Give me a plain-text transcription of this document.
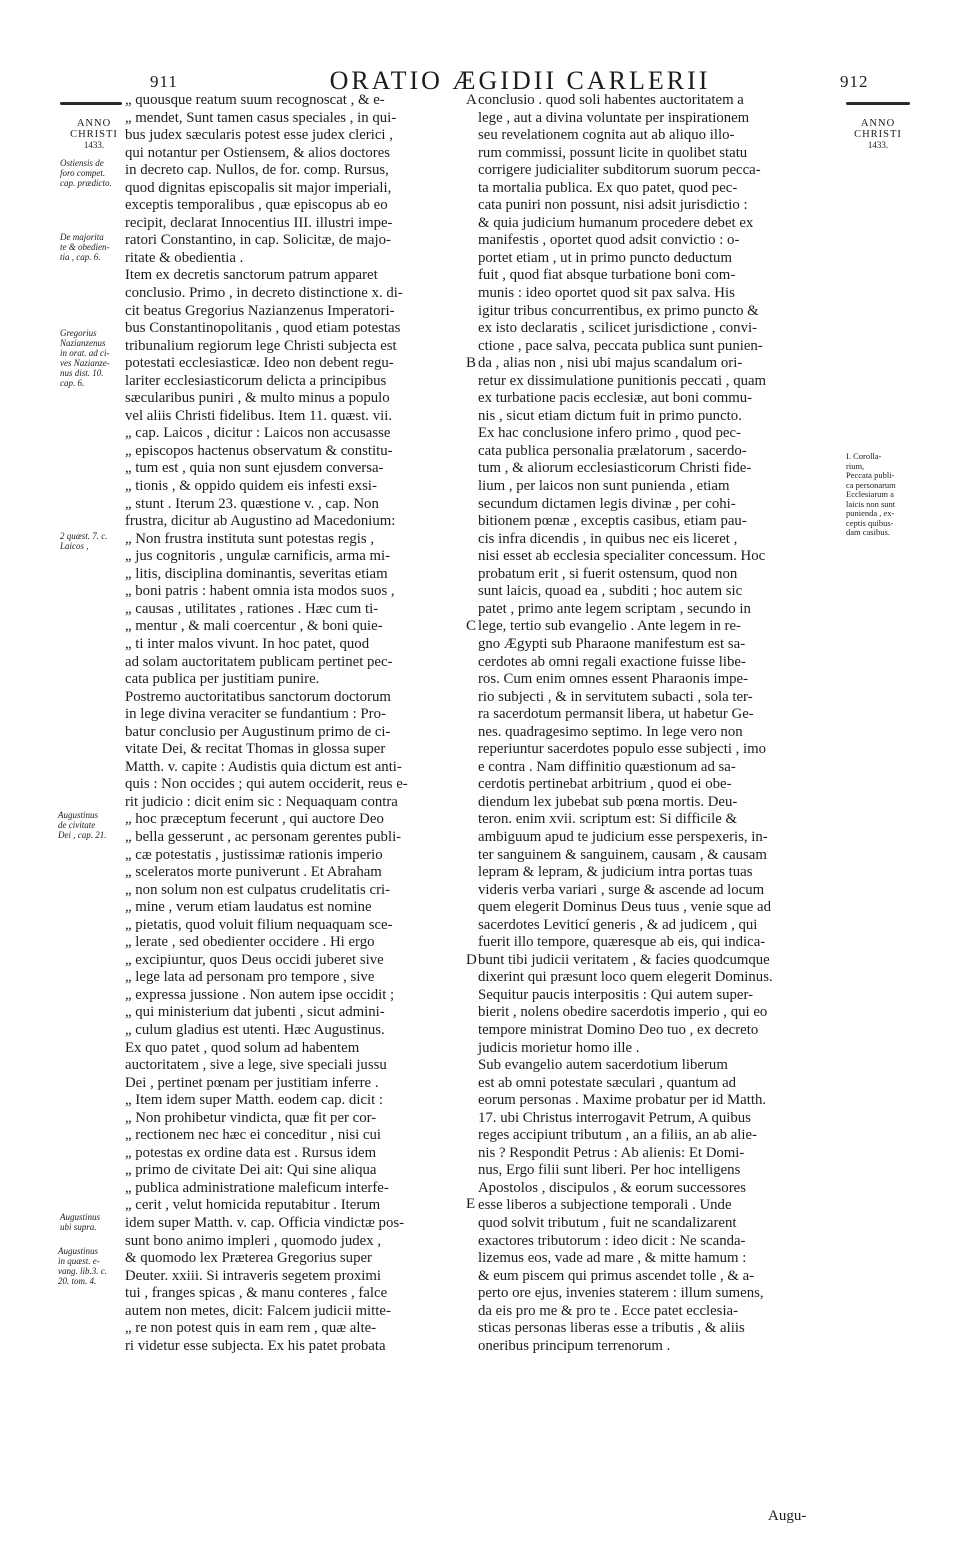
911	ORATIO ÆGIDII CARLERII	912
ANNO
CHRISTI
1433.
ANNO
CHRISTI
1433.
Ostiensis de
foro compet.
cap. prædicto.
De majorita
te & obedien-
tia , cap. 6.
Gregorius
Nazianzenus
in orat. ad ci-
ves Nazianze-
nus dist. 10.
cap. 6.
2 quæst. 7. c.
Laicos ,
Augustinus
de civitate
Dei , cap. 21.
Augustinus
ubi supra.
Augustinus
in quæst. e-
vang. lib.3. c.
20. tom. 4.
I. Corolla-
rium,
Peccata publi-
ca personarum
Ecclesiarum a
laicis non sunt
punienda , ex-
ceptis quibus-
dam casibus.
A
B
C
D
E
„ quousque reatum suum recognoscat , & e-
„ mendet, Sunt tamen casus speciales , in qui-
bus judex sæcularis potest esse judex clerici ,
qui notantur per Ostiensem, & alios doctores
in decreto cap. Nullos, de for. comp. Rursus,
quod dignitas episcopalis sit major imperiali,
exceptis temporalibus , quæ episcopus ab eo
recipit, declarat Innocentius III. illustri impe-
ratori Constantino, in cap. Solicitæ, de majo-
ritate & obedientia .
Item ex decretis sanctorum patrum apparet
conclusio. Primo , in decreto distinctione x. di-
cit beatus Gregorius Nazianzenus Imperatori-
bus Constantinopolitanis , quod etiam potestas
tribunalium regiorum lege Christi subjecta est
potestati ecclesiasticæ. Ideo non debent regu-
lariter ecclesiasticorum delicta a principibus
sæcularibus puniri , & multo minus a populo
vel aliis Christi fidelibus. Item 11. quæst. vii.
„ cap. Laicos , dicitur : Laicos non accusasse
„ episcopos hactenus observatum & constitu-
„ tum est , quia non sunt ejusdem conversa-
„ tionis , & oppido quidem eis infesti exsi-
„ stunt . Iterum 23. quæstione v. , cap. Non
frustra, dicitur ab Augustino ad Macedonium:
„ Non frustra instituta sunt potestas regis ,
„ jus cognitoris , ungulæ carnificis, arma mi-
„ litis, disciplina dominantis, severitas etiam
„ boni patris : habent omnia ista modos suos ,
„ causas , utilitates , rationes . Hæc cum ti-
„ mentur , & mali coercentur , & boni quie-
„ ti inter malos vivunt. In hoc patet, quod
ad solam auctoritatem publicam pertinet pec-
cata publica per justitiam punire.
Postremo auctoritatibus sanctorum doctorum
in lege divina veraciter se fundantium : Pro-
batur conclusio per Augustinum primo de ci-
vitate Dei, & recitat Thomas in glossa super
Matth. v. capite : Audistis quia dictum est anti-
quis : Non occides ; qui autem occiderit, reus e-
rit judicio : dicit enim sic : Nequaquam contra
„ hoc præceptum fecerunt , qui auctore Deo
„ bella gesserunt , ac personam gerentes publi-
„ cæ potestatis , justissimæ rationis imperio
„ sceleratos morte puniverunt . Et Abraham
„ non solum non est culpatus crudelitatis cri-
„ mine , verum etiam laudatus est nomine
„ pietatis, quod voluit filium nequaquam sce-
„ lerate , sed obedienter occidere . Hi ergo
„ excipiuntur, quos Deus occidi juberet sive
„ lege lata ad personam pro tempore , sive
„ expressa jussione . Non autem ipse occidit ;
„ qui ministerium dat jubenti , sicut admini-
„ culum gladius est utenti. Hæc Augustinus.
Ex quo patet , quod solum ad habentem
auctoritatem , sive a lege, sive speciali jussu
Dei , pertinet pœnam per justitiam inferre .
„ Item idem super Matth. eodem cap. dicit :
„ Non prohibetur vindicta, quæ fit per cor-
„ rectionem nec hæc ei conceditur , nisi cui
„ potestas ex ordine data est . Rursus idem
„ primo de civitate Dei ait: Qui sine aliqua
„ publica administratione maleficum interfe-
„ cerit , velut homicida reputabitur . Iterum
idem super Matth. v. cap. Officia vindictæ pos-
sunt bono animo impleri , quomodo judex ,
& quomodo lex Præterea Gregorius super
Deuter. xxiii. Si intraveris segetem proximi
tui , franges spicas , & manu conteres , falce
autem non metes, dicit: Falcem judicii mitte-
„ re non potest quis in eam rem , quæ alte-
ri videtur esse subjecta. Ex his patet probata
conclusio . quod soli habentes auctoritatem a
lege , aut a divina voluntate per inspirationem
seu revelationem cognita aut ab aliquo illo-
rum commissi, possunt licite in quolibet statu
corrigere judicialiter subditorum suorum pecca-
ta mortalia publica. Ex quo patet, quod pec-
cata puniri non possunt, nisi adsit jurisdictio :
& quia judicium humanum procedere debet ex
manifestis , oportet quod adsit convictio : o-
portet etiam , ut in primo puncto deductum
fuit , quod fiat absque turbatione boni com-
munis : ideo oportet quod sit pax salva. His
igitur tribus concurrentibus, ex primo puncto &
ex isto declaratis , scilicet jurisdictione , convi-
ctione , pace salva, peccata publica sunt punien-
da , alias non , nisi ubi majus scandalum ori-
retur ex dissimulatione punitionis peccati , quam
ex turbatione pacis ecclesiæ, aut boni commu-
nis , sicut etiam dictum fuit in primo puncto.
Ex hac conclusione infero primo , quod pec-
cata publica personalia prælatorum , sacerdo-
tum , & aliorum ecclesiasticorum Christi fide-
lium , per laicos non sunt punienda , etiam
secundum dictamen legis divinæ , per cohi-
bitionem pœnæ , exceptis casibus, etiam pau-
cis infra dicendis , in quibus nec eis liceret ,
nisi esset ab ecclesia specialiter concessum. Hoc
probatum erit , si fuerit ostensum, quod non
sunt laicis, quoad ea , subditi ; hoc autem sic
patet , primo ante legem scriptam , secundo in
lege, tertio sub evangelio . Ante legem in re-
gno Ægypti sub Pharaone manifestum est sa-
cerdotes ab omni regali exactione fuisse libe-
ros. Cum enim omnes essent Pharaonis impe-
rio subjecti , & in servitutem subacti , sola ter-
ra sacerdotum permansit libera, ut habetur Ge-
nes. quadragesimo septimo. In lege vero non
reperiuntur sacerdotes populo esse subjecti , imo
e contra . Nam diffinitio quæstionum ad sa-
cerdotis pertinebat arbitrium , quod ei obe-
diendum lex jubebat sub pœna mortis. Deu-
teron. enim xvii. scriptum est: Si difficile &
ambiguum apud te judicium esse perspexeris, in-
ter sanguinem & sanguinem, causam , & causam
lepram & lepram, & judicium intra portas tuas
videris verba variari , surge & ascende ad locum
quem elegerit Dominus Deus tuus , venie sque ad
sacerdotes Leviticí generis , & ad judicem , qui
fuerit illo tempore, quæresque ab eis, qui indica-
bunt tibi judicii veritatem , & facies quodcumque
dixerint qui præsunt loco quem elegerit Dominus.
Sequitur paucis interpositis : Qui autem super-
bierit , nolens obedire sacerdotis imperio , qui eo
tempore ministrat Domino Deo tuo , ex decreto
judicis morietur homo ille .
Sub evangelio autem sacerdotium liberum
est ab omni potestate sæculari , quantum ad
eorum personas . Maxime probatur per id Matth.
17. ubi Christus interrogavit Petrum, A quibus
reges accipiunt tributum , an a filiis, an ab alie-
nis ? Respondit Petrus : Ab alienis: Et Domi-
nus, Ergo filii sunt liberi. Per hoc intelligens
Apostolos , discipulos , & eorum successores
esse liberos a subjectione temporali . Unde
quod solvit tributum , fuit ne scandalizarent
exactores tributorum : ideo dicit : Ne scanda-
lizemus eos, vade ad mare , & mitte hamum :
& eum piscem qui primus ascendet tolle , & a-
perto ore ejus, invenies staterem : illum sumens,
da eis pro me & pro te . Ecce patet ecclesia-
sticas personas liberas esse a tributis , & aliis
oneribus principum terrenorum .
Augu-
